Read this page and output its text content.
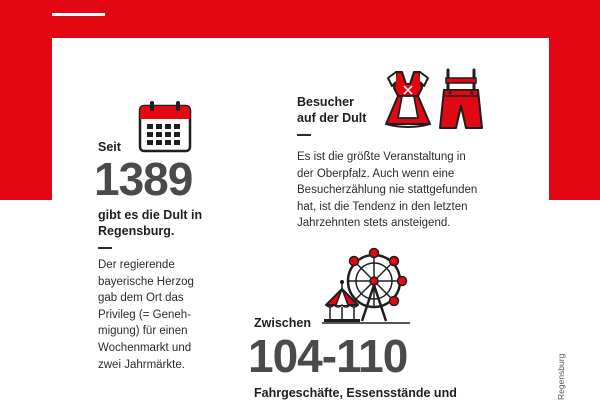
Seit
1389
gibt es die Dult in
Regensburg.
Der regierende
bayerische Herzog
gab dem Ort das
Privileg (= Geneh-
migung) für einen
Wochenmarkt und
zwei Jahrmärkte.
Besucher
auf der Dult
Es ist die größte Veranstaltung in
der Oberpfalz. Auch wenn eine
Besucherzählung nie stattgefunden
hat, ist die Tendenz in den letzten
Jahrzehnten stets ansteigend.
Zwischen
104-110
Fahrgeschäfte, Essensstände und	Regensburg
